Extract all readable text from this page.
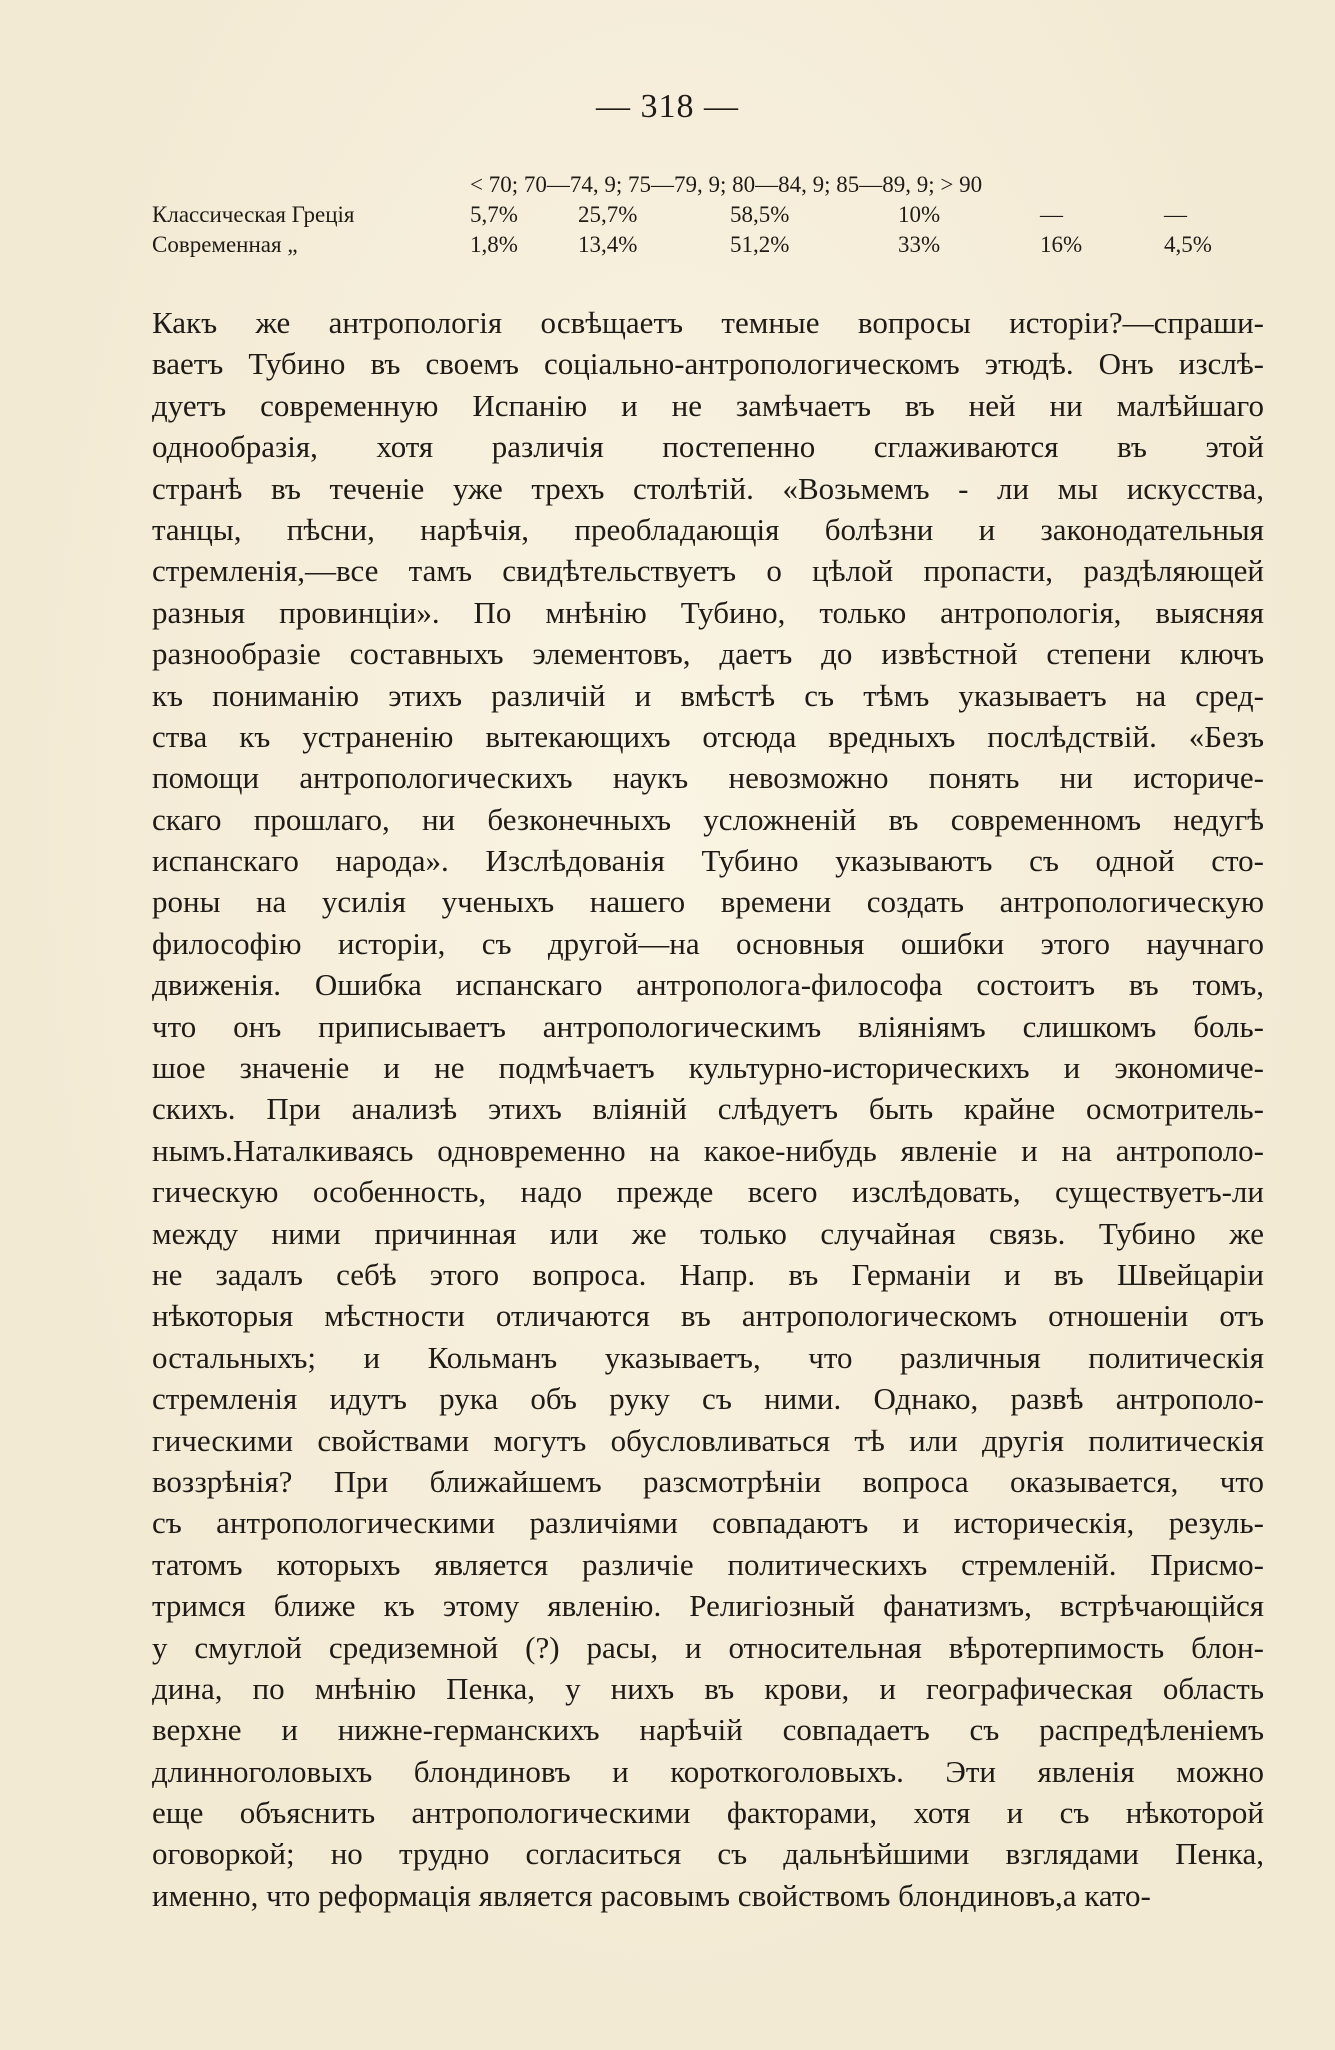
— 318 —
< 70; 70—74, 9; 75—79, 9; 80—84, 9; 85—89, 9; > 90
Классическая Греція	5,7%	25,7%	58,5%	10%	—	—
Современная „	1,8%	13,4%	51,2%	33%	16%	4,5%
Какъ же антропологія освѣщаетъ темные вопросы исторіи?—спраши-
ваетъ Тубино въ своемъ соціально-антропологическомъ этюдѣ. Онъ изслѣ-
дуетъ современную Испанію и не замѣчаетъ въ ней ни малѣйшаго
однообразія, хотя различія постепенно сглаживаются въ этой
странѣ въ теченіе уже трехъ столѣтій. «Возьмемъ - ли мы искусства,
танцы, пѣсни, нарѣчія, преобладающія болѣзни и законодательныя
стремленія,—все тамъ свидѣтельствуетъ о цѣлой пропасти, раздѣляющей
разныя провинціи». По мнѣнію Тубино, только антропологія, выясняя
разнообразіе составныхъ элементовъ, даетъ до извѣстной степени ключъ
къ пониманію этихъ различій и вмѣстѣ съ тѣмъ указываетъ на сред-
ства къ устраненію вытекающихъ отсюда вредныхъ послѣдствій. «Безъ
помощи антропологическихъ наукъ невозможно понять ни историче-
скаго прошлаго, ни безконечныхъ усложненій въ современномъ недугѣ
испанскаго народа». Изслѣдованія Тубино указываютъ съ одной сто-
роны на усилія ученыхъ нашего времени создать антропологическую
философію исторіи, съ другой—на основныя ошибки этого научнаго
движенія. Ошибка испанскаго антрополога-философа состоитъ въ томъ,
что онъ приписываетъ антропологическимъ вліяніямъ слишкомъ боль-
шое значеніе и не подмѣчаетъ культурно-историческихъ и экономиче-
скихъ. При анализѣ этихъ вліяній слѣдуетъ быть крайне осмотритель-
нымъ.Наталкиваясь одновременно на какое-нибудь явленіе и на антрополо-
гическую особенность, надо прежде всего изслѣдовать, существуетъ-ли
между ними причинная или же только случайная связь. Тубино же
не задалъ себѣ этого вопроса. Напр. въ Германіи и въ Швейцаріи
нѣкоторыя мѣстности отличаются въ антропологическомъ отношеніи отъ
остальныхъ; и Кольманъ указываетъ, что различныя политическія
стремленія идутъ рука объ руку съ ними. Однако, развѣ антрополо-
гическими свойствами могутъ обусловливаться тѣ или другія политическія
воззрѣнія? При ближайшемъ разсмотрѣніи вопроса оказывается, что
съ антропологическими различіями совпадаютъ и историческія, резуль-
татомъ которыхъ является различіе политическихъ стремленій. Присмо-
тримся ближе къ этому явленію. Религіозный фанатизмъ, встрѣчающійся
у смуглой средиземной (?) расы, и относительная вѣротерпимость блон-
дина, по мнѣнію Пенка, у нихъ въ крови, и географическая область
верхне и нижне-германскихъ нарѣчій совпадаетъ съ распредѣленіемъ
длинноголовыхъ блондиновъ и короткоголовыхъ. Эти явленія можно
еще объяснить антропологическими факторами, хотя и съ нѣкоторой
оговоркой; но трудно согласиться съ дальнѣйшими взглядами Пенка,
именно, что реформація является расовымъ свойствомъ блондиновъ,а като-
